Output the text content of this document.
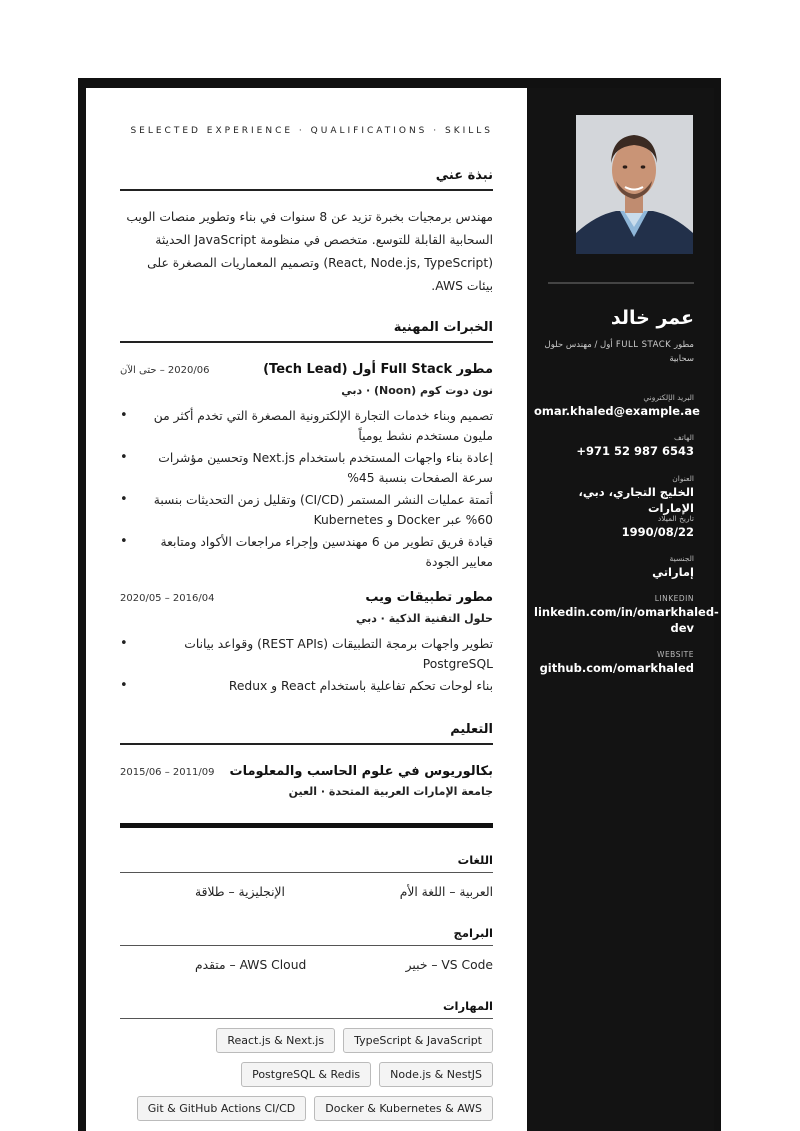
SELECTED EXPERIENCE · QUALIFICATIONS · SKILLS
نبذة عني
مهندس برمجيات بخبرة تزيد عن 8 سنوات في بناء وتطوير منصات الويب السحابية القابلة للتوسع. متخصص في منظومة JavaScript الحديثة (React, Node.js, TypeScript) وتصميم المعماريات المصغرة على بيئات AWS.
الخبرات المهنية
مطور Full Stack أول (Tech Lead)
2020/06 – حتى الآن
نون دوت كوم (Noon) · دبي
تصميم وبناء خدمات التجارة الإلكترونية المصغرة التي تخدم أكثر من مليون مستخدم نشط يومياً •
إعادة بناء واجهات المستخدم باستخدام Next.js وتحسين مؤشرات سرعة الصفحات بنسبة 45% •
أتمتة عمليات النشر المستمر (CI/CD) وتقليل زمن التحديثات بنسبة 60% عبر Docker و Kubernetes •
قيادة فريق تطوير من 6 مهندسين وإجراء مراجعات الأكواد ومتابعة معايير الجودة •
مطور تطبيقات ويب
2016/04 – 2020/05
حلول التقنية الذكية · دبي
تطوير واجهات برمجة التطبيقات (REST APIs) وقواعد بيانات PostgreSQL •
بناء لوحات تحكم تفاعلية باستخدام React و Redux •
التعليم
بكالوريوس في علوم الحاسب والمعلومات
2011/09 – 2015/06
جامعة الإمارات العربية المتحدة · العين
اللغات
العربية – اللغة الأم
الإنجليزية – طلاقة
البرامج
VS Code – خبير
AWS Cloud – متقدم
المهارات
React.js & Next.js	TypeScript & JavaScript
PostgreSQL & Redis	Node.js & NestJS
Git & GitHub Actions CI/CD	Docker & Kubernetes & AWS
عمر خالد
مطور FULL STACK أول / مهندس حلول سحابية
البريد الإلكتروني
omar.khaled@example.ae
الهاتف
+971 52 987 6543
العنوان
الخليج التجاري، دبي، الإمارات
تاريخ الميلاد
1990/08/22
الجنسية
إماراتي
LINKEDIN
linkedin.com/in/omarkhaled-dev
WEBSITE
github.com/omarkhaled
